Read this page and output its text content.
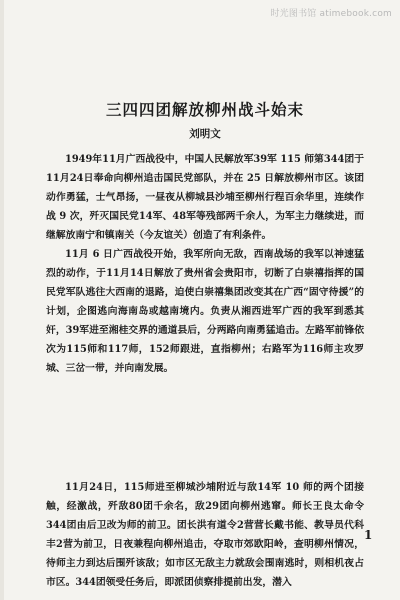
时光图书馆 atimebook.com
三四四团解放柳州战斗始末
刘明文

1949年11月广西战役中，中国人民解放军39军 115 师第344团于11月24日奉命向柳州追击国民党部队，并在 25 日解放柳州市区。该团动作勇猛，士气昂扬，一昼夜从柳城县沙埔至柳州行程百余华里，连续作战 9 次，歼灭国民党14军、48军等残部两千余人，为军主力继续进，而继解放南宁和镇南关（今友谊关）创造了有利条件。

11月 6 日广西战役开始，我军所向无敌，西南战场的我军以神速猛烈的动作，于11月14日解放了贵州省会贵阳市，切断了白崇禧指挥的国民党军队逃往大西南的退路，迫使白崇禧集团改变其在广西“固守待援”的计划，企图逃向海南岛或越南境内。负责从湘西进军广西的我军到悉其奸，39军进至湘桂交界的通道县后，分两路向南勇猛追击。左路军前锋依次为115师和117师，152师跟进，直指柳州；右路军为116师主攻罗城、三岔一带，并向南发展。

11月24日，115师进至柳城沙埔附近与敌14军 10 师的两个团接触，经激战，歼敌80团千余名，敌29团向柳州逃窜。师长王良太命令344团由后卫改为师的前卫。团长洪有道令2营营长戴书能、教导员代科丰2营为前卫，日夜兼程向柳州追击，夺取市郊欧阳岭，查明柳州情况，待师主力到达后围歼该敌；如市区无敌主力就敌会围南逃时，则相机夜占市区。344团领受任务后，即派团侦察排提前出发，潜入

1
